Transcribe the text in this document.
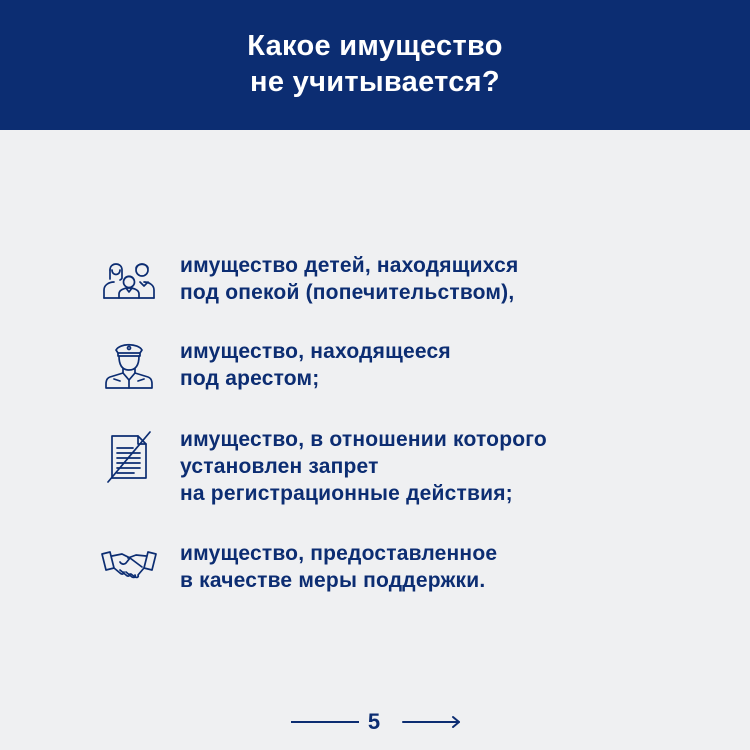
Какое имущество
не учитывается?
имущество детей, находящихся
под опекой (попечительством),
имущество, находящееся
под арестом;
имущество, в отношении которого
установлен запрет
на регистрационные действия;
имущество, предоставленное
в качестве меры поддержки.
5
